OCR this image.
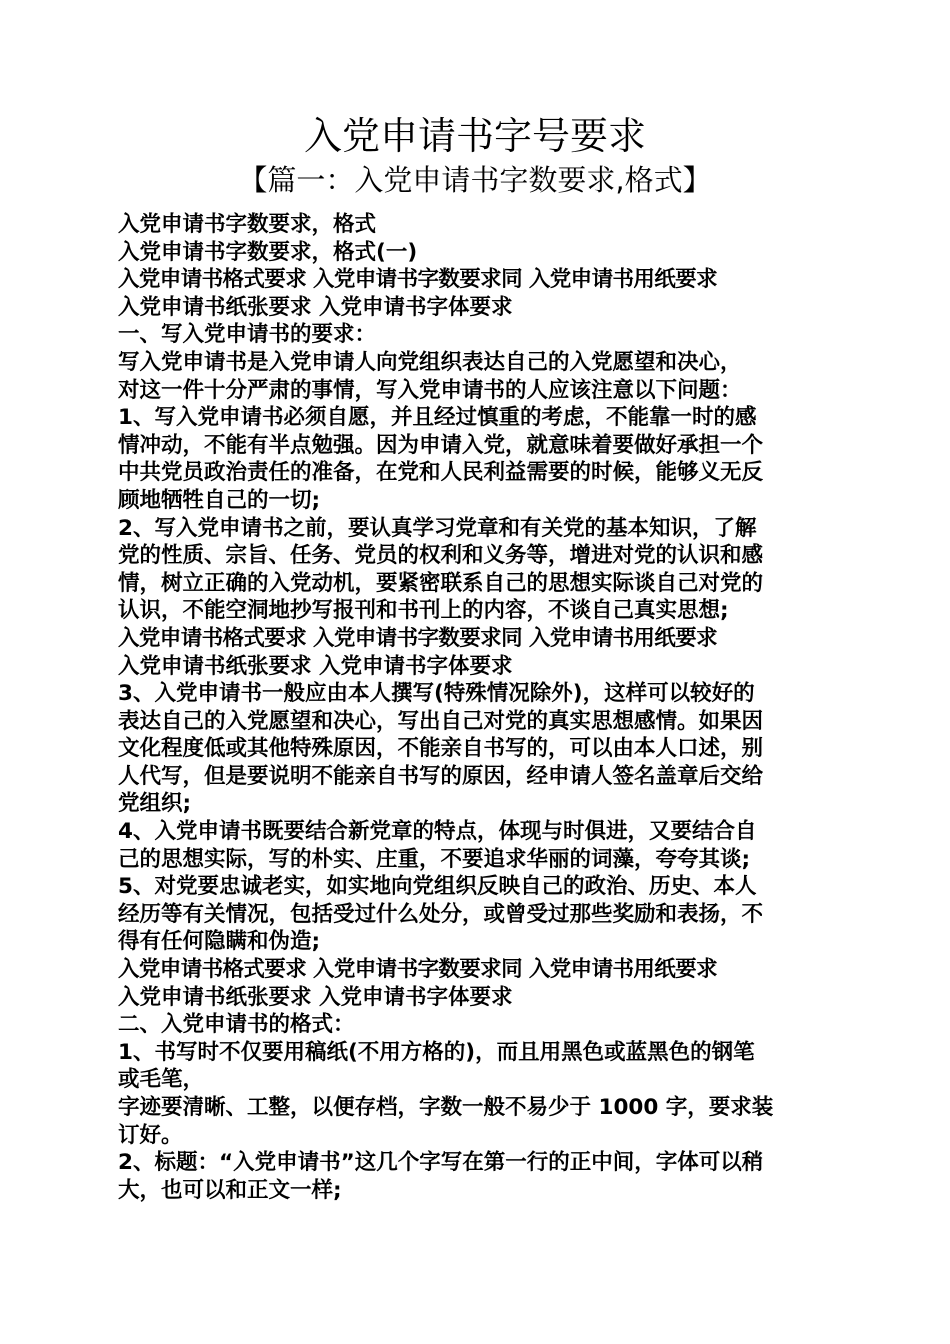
入党申请书字号要求
【篇一：入党申请书字数要求,格式】
入党申请书字数要求，格式
入党申请书字数要求，格式(一)
入党申请书格式要求 入党申请书字数要求同 入党申请书用纸要求
入党申请书纸张要求 入党申请书字体要求
一、写入党申请书的要求：
写入党申请书是入党申请人向党组织表达自己的入党愿望和决心，
对这一件十分严肃的事情，写入党申请书的人应该注意以下问题：
1、写入党申请书必须自愿，并且经过慎重的考虑，不能靠一时的感
情冲动，不能有半点勉强。因为申请入党，就意味着要做好承担一个
中共党员政治责任的准备，在党和人民利益需要的时候，能够义无反
顾地牺牲自己的一切;
2、写入党申请书之前，要认真学习党章和有关党的基本知识，了解
党的性质、宗旨、任务、党员的权利和义务等，增进对党的认识和感
情，树立正确的入党动机，要紧密联系自己的思想实际谈自己对党的
认识，不能空洞地抄写报刊和书刊上的内容，不谈自己真实思想;
入党申请书格式要求 入党申请书字数要求同 入党申请书用纸要求
入党申请书纸张要求 入党申请书字体要求
3、入党申请书一般应由本人撰写(特殊情况除外)，这样可以较好的
表达自己的入党愿望和决心，写出自己对党的真实思想感情。如果因
文化程度低或其他特殊原因，不能亲自书写的，可以由本人口述，别
人代写，但是要说明不能亲自书写的原因，经申请人签名盖章后交给
党组织;
4、入党申请书既要结合新党章的特点，体现与时俱进，又要结合自
己的思想实际，写的朴实、庄重，不要追求华丽的词藻，夸夸其谈;
5、对党要忠诚老实，如实地向党组织反映自己的政治、历史、本人
经历等有关情况，包括受过什么处分，或曾受过那些奖励和表扬，不
得有任何隐瞒和伪造;
入党申请书格式要求 入党申请书字数要求同 入党申请书用纸要求
入党申请书纸张要求 入党申请书字体要求
二、入党申请书的格式：
1、书写时不仅要用稿纸(不用方格的)，而且用黑色或蓝黑色的钢笔
或毛笔，
字迹要清晰、工整，以便存档，字数一般不易少于 1000 字，要求装
订好。
2、标题：“入党申请书”这几个字写在第一行的正中间，字体可以稍
大，也可以和正文一样;
